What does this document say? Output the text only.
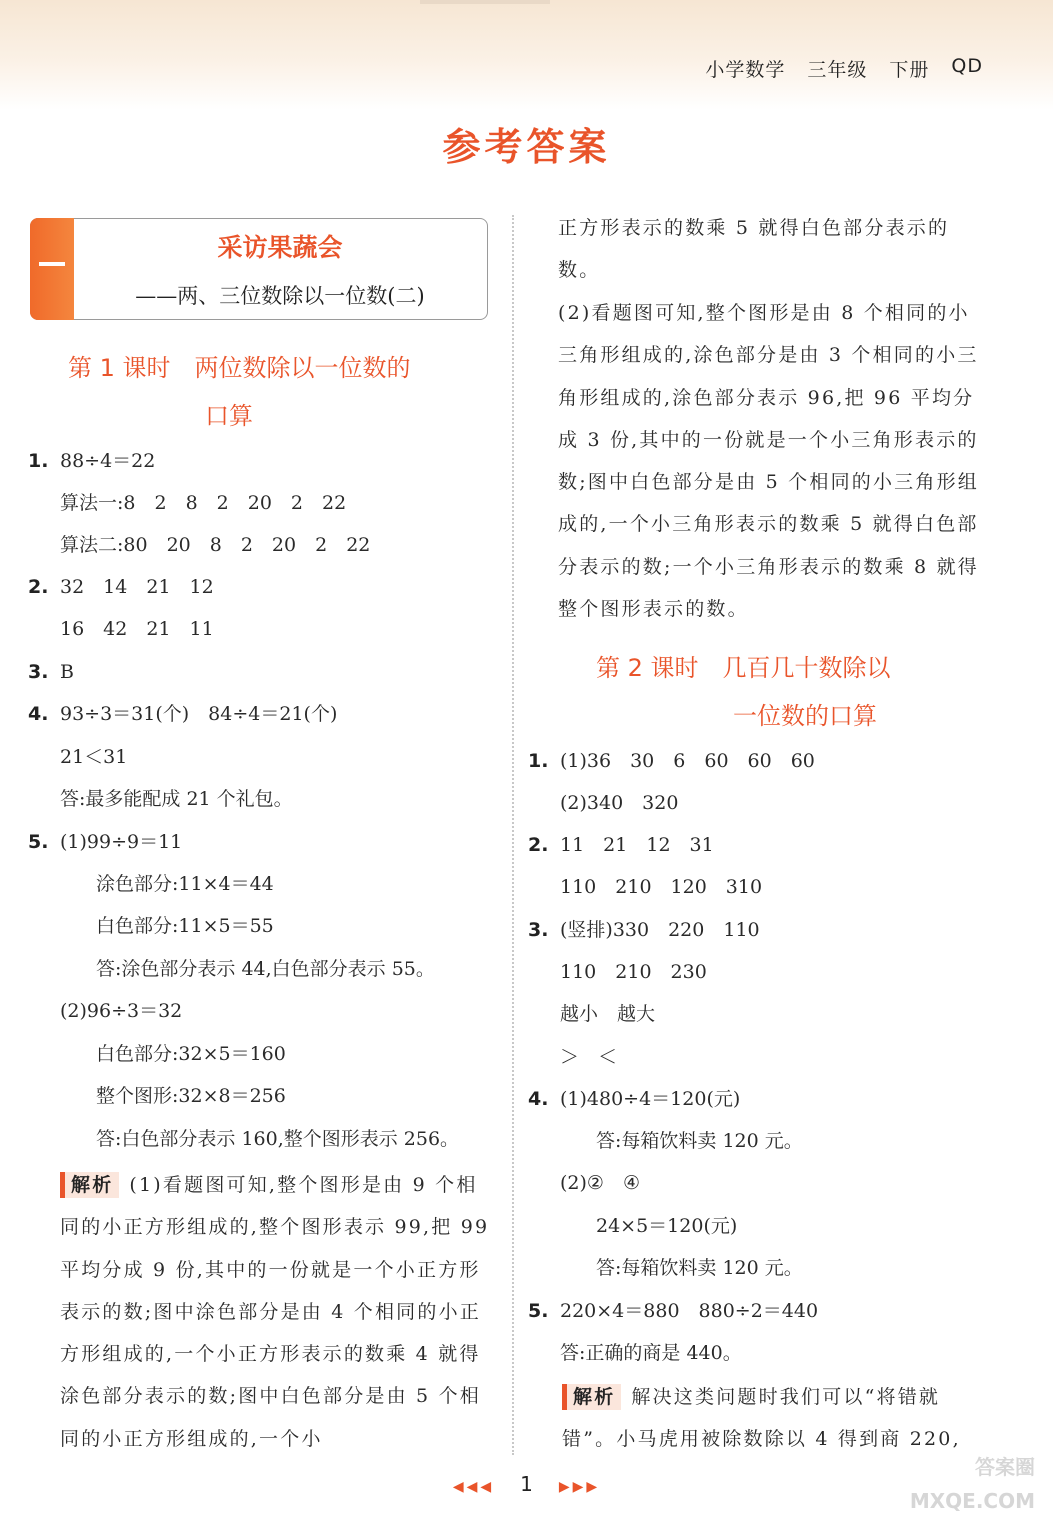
小学数学 三年级 下册 QD
参考答案
采访果蔬会
——两、三位数除以一位数(二)
第 1 课时　两位数除以一位数的
口算
1. 88÷4＝22
算法一:8　2　8　2　20　2　22
算法二:80　20　8　2　20　2　22
2. 32　14　21　12
16　42　21　11
3. B
4. 93÷3＝31(个)　84÷4＝21(个)
21＜31
答:最多能配成 21 个礼包。
5. (1)99÷9＝11
涂色部分:11×4＝44
白色部分:11×5＝55
答:涂色部分表示 44,白色部分表示 55。
(2)96÷3＝32
白色部分:32×5＝160
整个图形:32×8＝256
答:白色部分表示 160,整个图形表示 256。
解析 (1)看题图可知,整个图形是由 9 个相同的小正方形组成的,整个图形表示 99,把 99 平均分成 9 份,其中的一份就是一个小正方形表示的数;图中涂色部分是由 4 个相同的小正方形组成的,一个小正方形表示的数乘 4 就得涂色部分表示的数;图中白色部分是由 5 个相同的小正方形组成的,一个小
正方形表示的数乘 5 就得白色部分表示的数。
(2)看题图可知,整个图形是由 8 个相同的小三角形组成的,涂色部分是由 3 个相同的小三角形组成的,涂色部分表示 96,把 96 平均分成 3 份,其中的一份就是一个小三角形表示的数;图中白色部分是由 5 个相同的小三角形组成的,一个小三角形表示的数乘 5 就得白色部分表示的数;一个小三角形表示的数乘 8 就得整个图形表示的数。
第 2 课时　几百几十数除以
一位数的口算
1. (1)36　30　6　60　60　60
(2)340　320
2. 11　21　12　31
110　210　120　310
3. (竖排)330　220　110
110　210　230
越小　越大
＞　＜
4. (1)480÷4＝120(元)
答:每箱饮料卖 120 元。
(2)②　④
24×5＝120(元)
答:每箱饮料卖 120 元。
5. 220×4＝880　880÷2＝440
答:正确的商是 440。
解析 解决这类问题时我们可以“将错就错”。小马虎用被除数除以 4 得到商 220,
◀◀◀ 1 ▶▶▶
答案圈
MXQE.COM
